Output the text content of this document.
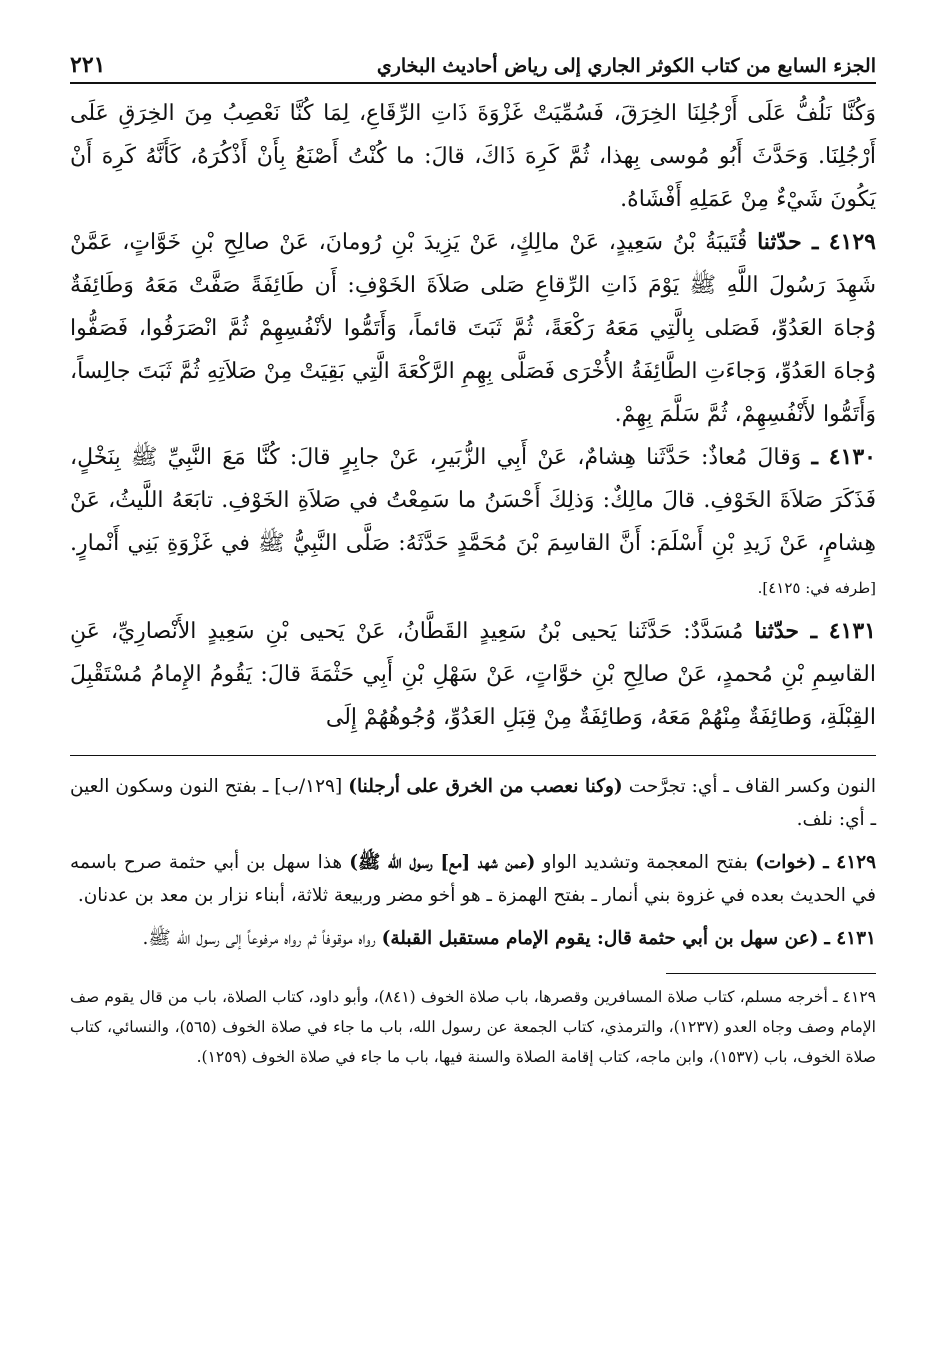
الجزء السابع من كتاب الكوثر الجاري إلى رياض أحاديث البخاري
٢٢١

وَكُنَّا نَلُفُّ عَلَى أَرْجُلِنَا الخِرَقَ، فَسُمِّيَتْ غَزْوَةَ ذَاتِ الرِّقَاعِ، لِمَا كُنَّا نَعْصِبُ مِنَ الخِرَقِ عَلَى أَرْجُلِنَا. وَحَدَّثَ أَبُو مُوسى بِهذا، ثُمَّ كَرِهَ ذَاكَ، قالَ: ما كُنْتُ أَصْنَعُ بِأَنْ أَذْكُرَهُ، كَأَنَّهُ كَرِهَ أَنْ يَكُونَ شَيْءٌ مِنْ عَمَلِهِ أَفْشَاهُ.

٤١٢٩ ـ حدّثنا قُتَيبَةُ بْنُ سَعِيدٍ، عَنْ مالِكٍ، عَنْ يَزِيدَ بْنِ رُومانَ، عَنْ صالِحِ بْنِ خَوَّاتٍ، عَمَّنْ شَهِدَ رَسُولَ اللَّهِ ﷺ يَوْمَ ذَاتِ الرِّقاعِ صَلى صَلاَةَ الخَوْفِ: أَن طَائِفَةً صَفَّتْ مَعَهُ وَطَائِفَةٌ وُجاهَ العَدُوِّ، فَصَلى بِالَّتِي مَعَهُ رَكْعَةً، ثُمَّ ثَبَتَ قائماً، وَأَتَمُّوا لأنْفُسِهِمْ ثُمَّ انْصَرَفُوا، فَصَفُّوا وُجاهَ العَدُوِّ، وَجاءَتِ الطَّائِفَةُ الأُخْرَى فَصَلَّى بِهِمِ الرَّكْعَةَ الَّتِي بَقِيَتْ مِنْ صَلاَتِهِ ثُمَّ ثَبَتَ جالِساً، وَأَتَمُّوا لأَنْفُسِهِمْ، ثُمَّ سَلَّمَ بِهِمْ.

٤١٣٠ ـ وَقالَ مُعاذٌ: حَدَّثَنا هِشامٌ، عَنْ أَبِي الزُّبَيرِ، عَنْ جابِرٍ قالَ: كُنَّا مَعَ النَّبِيِّ ﷺ بِنَخْلٍ، فَذَكَرَ صَلاَةَ الخَوْفِ. قالَ مالِكٌ: وَذلِكَ أَحْسَنُ ما سَمِعْتُ في صَلاَةِ الخَوْفِ. تابَعَهُ اللَّيثُ، عَنْ هِشامٍ، عَنْ زَيدِ بْنِ أَسْلَمَ: أَنَّ القاسِمَ بْنَ مُحَمَّدٍ حَدَّثَهُ: صَلَّى النَّبِيُّ ﷺ في غَزْوَةِ بَنِي أَنْمارٍ. [طرفه في: ٤١٢٥].

٤١٣١ ـ حدّثنا مُسَدَّدٌ: حَدَّثَنا يَحيى بْنُ سَعِيدٍ القَطَّانُ، عَنْ يَحيى بْنِ سَعِيدٍ الأَنْصارِيِّ، عَنِ القاسِمِ بْنِ مُحمدٍ، عَنْ صالِحِ بْنِ خوَّاتٍ، عَنْ سَهْلِ بْنِ أَبِي حَثْمَةَ قالَ: يَقُومُ الإِمامُ مُسْتَقْبِلَ القِبْلَةِ، وَطائِفَةٌ مِنْهُمْ مَعَهُ، وَطائِفَةٌ مِنْ قِبَلِ العَدُوِّ، وُجُوهُهُمْ إِلَى

النون وكسر القاف ـ أي: تجرَّحت (وكنا نعصب من الخرق على أرجلنا) [١٢٩/ب] ـ بفتح النون وسكون العين ـ أي: نلف.

٤١٢٩ ـ (خوات) بفتح المعجمة وتشديد الواو (عمن شهد [مع] رسول الله ﷺ) هذا سهل بن أبي حثمة صرح باسمه في الحديث بعده في غزوة بني أنمار ـ بفتح الهمزة ـ هو أخو مضر وربيعة ثلاثة، أبناء نزار بن معد بن عدنان.

٤١٣١ ـ (عن سهل بن أبي حثمة قال: يقوم الإمام مستقبل القبلة) رواه موقوفاً ثم رواه مرفوعاً إلى رسول الله ﷺ.

٤١٢٩ ـ أخرجه مسلم، كتاب صلاة المسافرين وقصرها، باب صلاة الخوف (٨٤١)، وأبو داود، كتاب الصلاة، باب من قال يقوم صف الإمام وصف وجاه العدو (١٢٣٧)، والترمذي، كتاب الجمعة عن رسول الله، باب ما جاء في صلاة الخوف (٥٦٥)، والنسائي، كتاب صلاة الخوف، باب (١٥٣٧)، وابن ماجه، كتاب إقامة الصلاة والسنة فيها، باب ما جاء في صلاة الخوف (١٢٥٩).
